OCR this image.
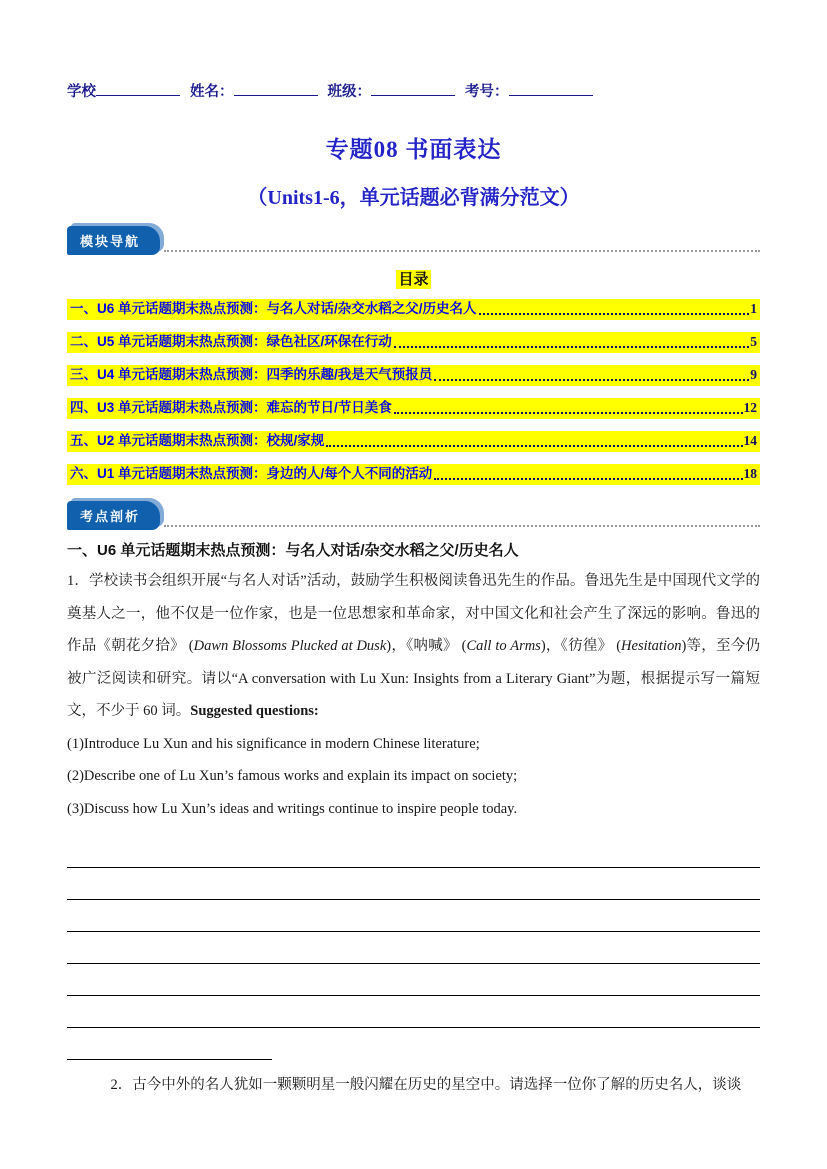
学校	姓名：	班级：	考号：
专题08 书面表达
（Units1-6，单元话题必背满分范文）
模块导航
目录
一、U6 单元话题期末热点预测：与名人对话/杂交水稻之父/历史名人	1
二、U5 单元话题期末热点预测：绿色社区/环保在行动	5
三、U4 单元话题期末热点预测：四季的乐趣/我是天气预报员	9
四、U3 单元话题期末热点预测：难忘的节日/节日美食	12
五、U2 单元话题期末热点预测：校规/家规	14
六、U1 单元话题期末热点预测：身边的人/每个人不同的活动	18
考点剖析
一、U6 单元话题期末热点预测：与名人对话/杂交水稻之父/历史名人

1．学校读书会组织开展“与名人对话”活动，鼓励学生积极阅读鲁迅先生的作品。鲁迅先生是中国现代文学的奠基人之一，他不仅是一位作家，也是一位思想家和革命家，对中国文化和社会产生了深远的影响。鲁迅的作品《朝花夕拾》 (Dawn Blossoms Plucked at Dusk)，《呐喊》 (Call to Arms)，《彷徨》 (Hesitation)等，至今仍被广泛阅读和研究。请以“A conversation with Lu Xun: Insights from a Literary Giant”为题，根据提示写一篇短文，不少于 60 词。Suggested questions:

(1)Introduce Lu Xun and his significance in modern Chinese literature;

(2)Describe one of Lu Xun’s famous works and explain its impact on society;

(3)Discuss how Lu Xun’s ideas and writings continue to inspire people today.

2．古今中外的名人犹如一颗颗明星一般闪耀在历史的星空中。请选择一位你了解的历史名人，谈谈
